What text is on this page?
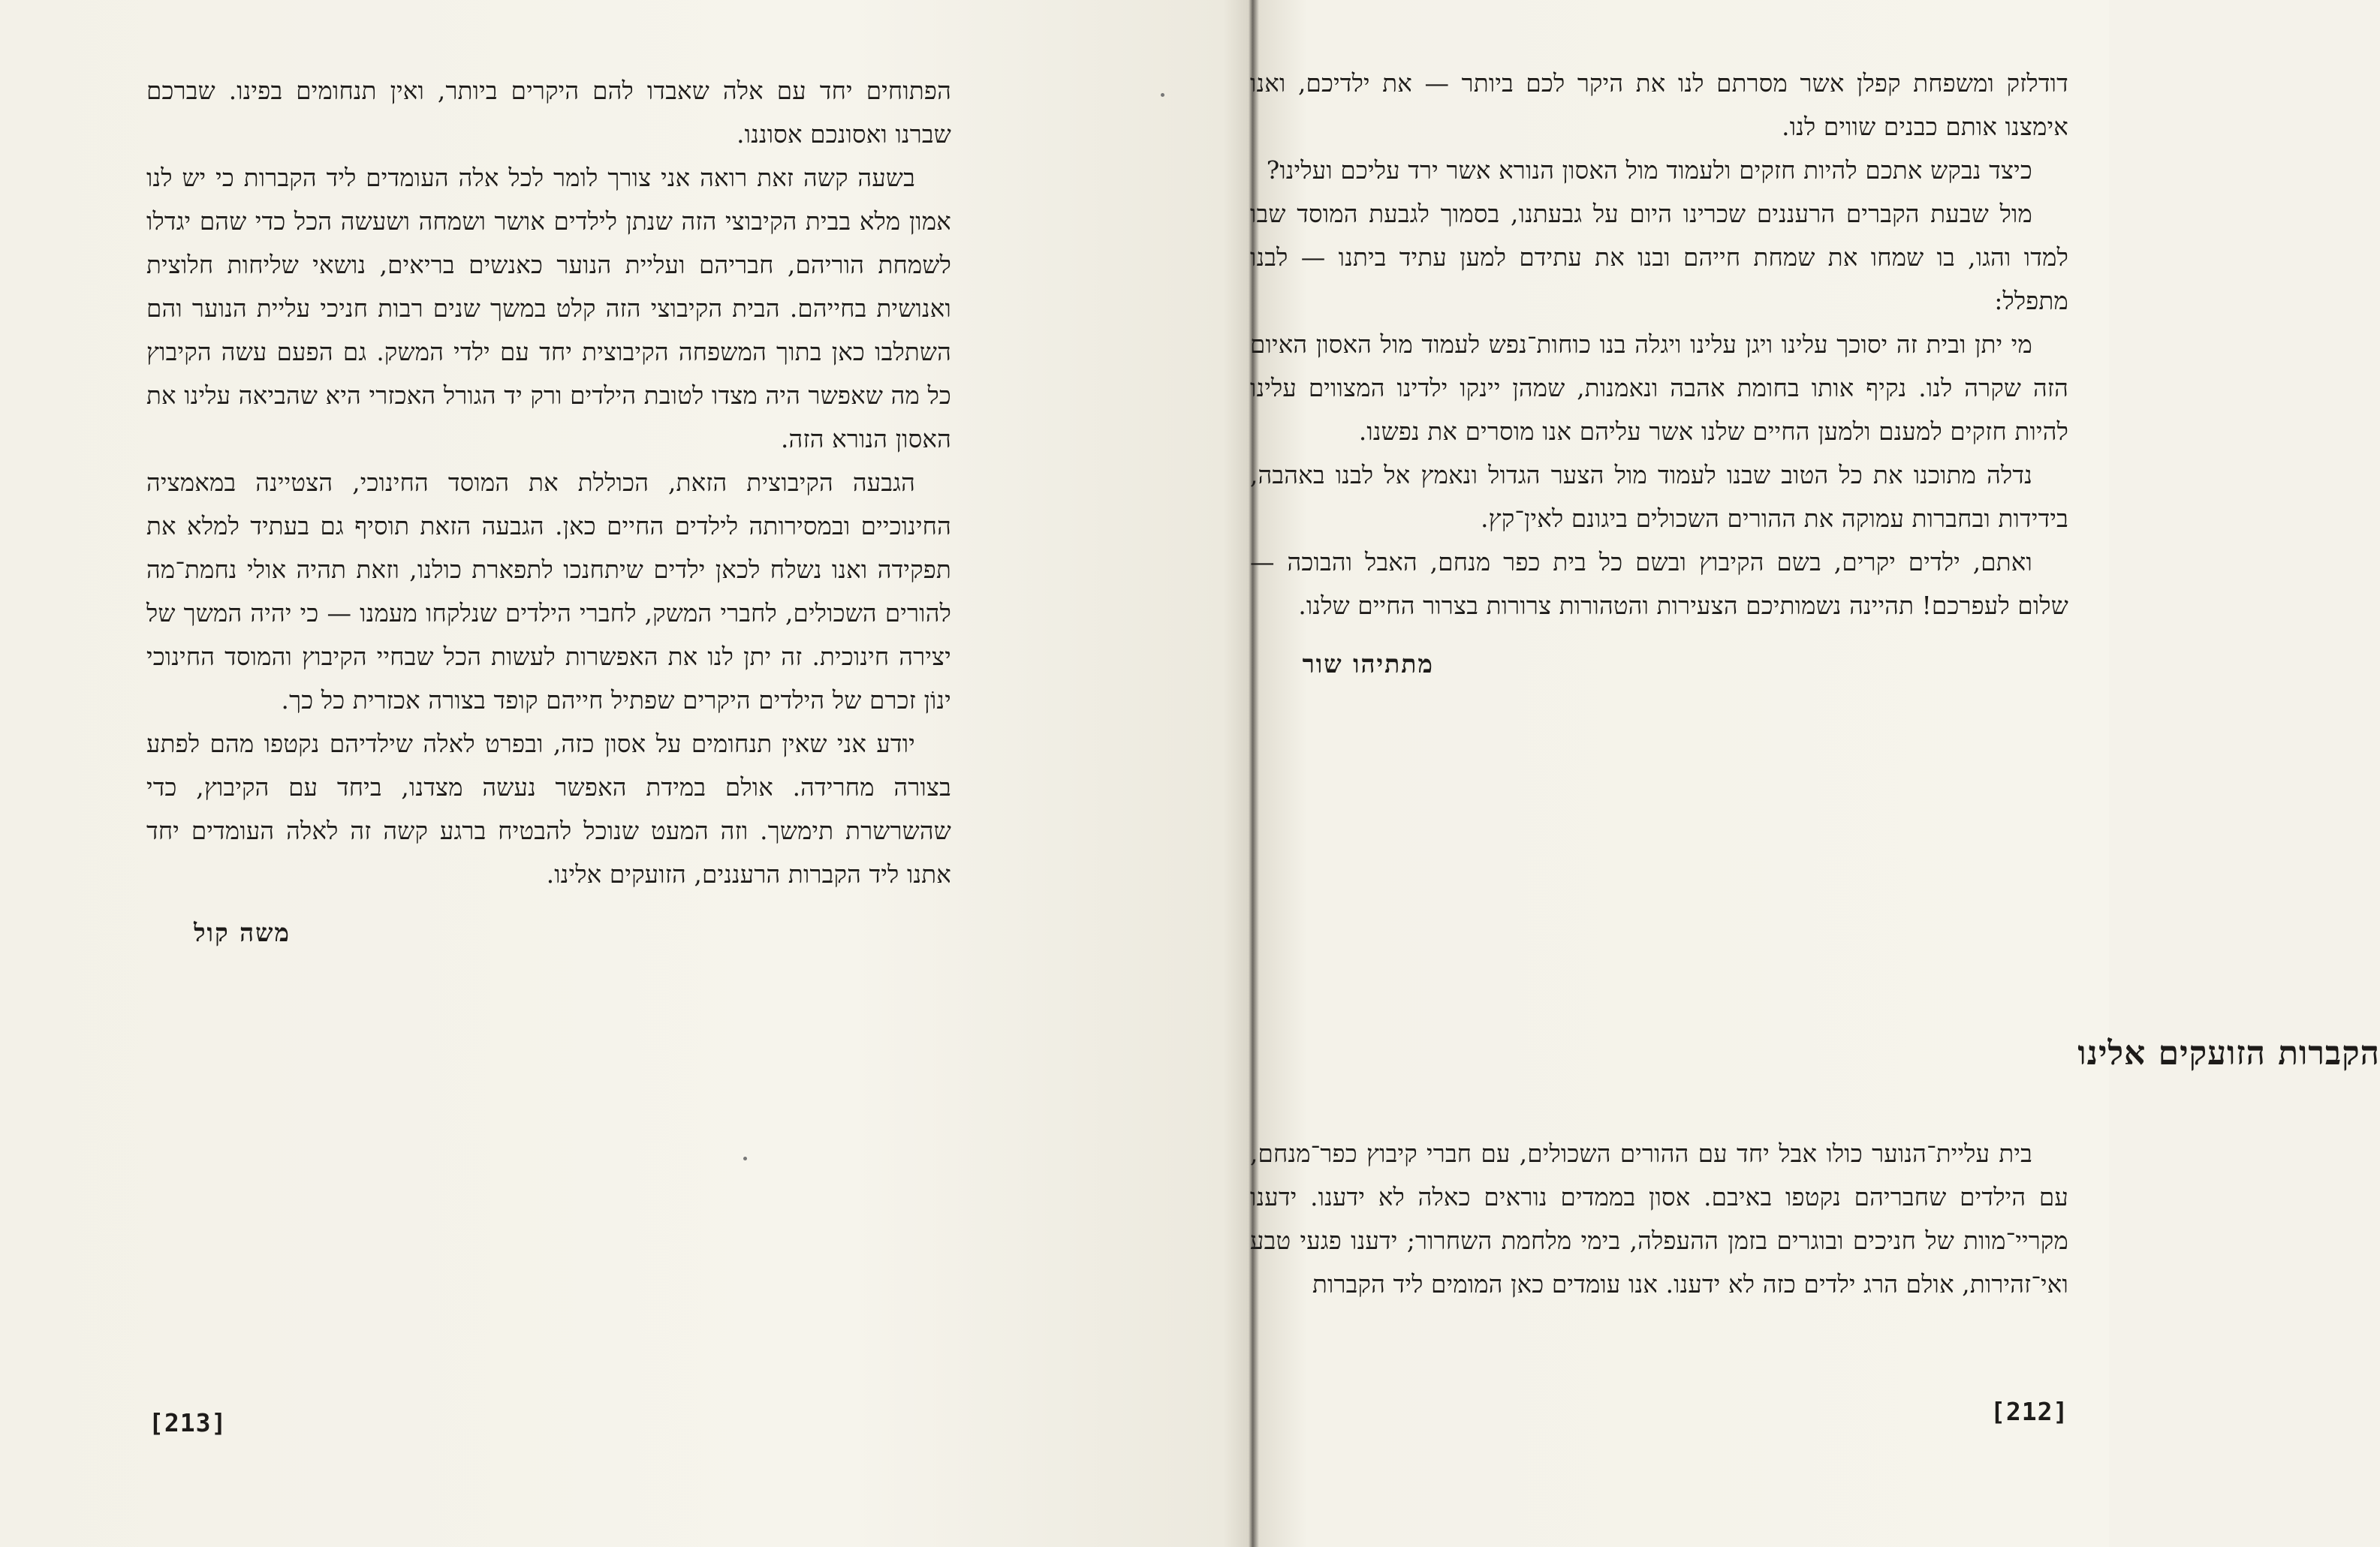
הפתוחים יחד עם אלה שאבדו להם היקרים ביותר, ואין תנחומים בפינו. שברכם שברנו ואסונכם אסוננו.

בשעה קשה זאת רואה אני צורך לומר לכל אלה העומדים ליד הקברות כי יש לנו אמון מלא בבית הקיבוצי הזה שנתן לילדים אושר ושמחה ושעשה הכל כדי שהם יגדלו לשמחת הוריהם, חבריהם ועליית הנוער כאנשים בריאים, נושאי שליחות חלוצית ואנושית בחייהם. הבית הקיבוצי הזה קלט במשך שנים רבות חניכי עליית הנוער והם השתלבו כאן בתוך המשפחה הקיבוצית יחד עם ילדי המשק. גם הפעם עשה הקיבוץ כל מה שאפשר היה מצדו לטובת הילדים ורק יד הגורל האכזרי היא שהביאה עלינו את האסון הנורא הזה.

הגבעה הקיבוצית הזאת, הכוללת את המוסד החינוכי, הצטיינה במאמציה החינוכיים ובמסירותה לילדים החיים כאן. הגבעה הזאת תוסיף גם בעתיד למלא את תפקידה ואנו נשלח לכאן ילדים שיתחנכו לתפארת כולנו, וזאת תהיה אולי נחמת־מה להורים השכולים, לחברי המשק, לחברי הילדים שנלקחו מעמנו — כי יהיה המשך של יצירה חינוכית. זה יתן לנו את האפשרות לעשות הכל שבחיי הקיבוץ והמוסד החינוכי ינוֹן זכרם של הילדים היקרים שפתיל חייהם קופד בצורה אכזרית כל כך.

יודע אני שאין תנחומים על אסון כזה, ובפרט לאלה שילדיהם נקטפו מהם לפתע בצורה מחרידה. אולם במידת האפשר נעשה מצדנו, ביחד עם הקיבוץ, כדי שהשרשרת תימשך. וזה המעט שנוכל להבטיח ברגע קשה זה לאלה העומדים יחד אתנו ליד הקברות הרעננים, הזועקים אלינו.

משה קול
[213]

דודלזק ומשפחת קפלן אשר מסרתם לנו את היקר לכם ביותר — את ילדיכם, ואנו אימצנו אותם כבנים שווים לנו.

כיצד נבקש אתכם להיות חזקים ולעמוד מול האסון הנורא אשר ירד עליכם ועלינו?

מול שבעת הקברים הרעננים שכרינו היום על גבעתנו, בסמוך לגבעת המוסד שבו למדו והגו, בו שמחו את שמחת חייהם ובנו את עתידם למען עתיד ביתנו — לבנו מתפלל:

מי יתן ובית זה יסוכך עלינו ויגן עלינו ויגלה בנו כוחות־נפש לעמוד מול האסון האיום הזה שקרה לנו. נקיף אותו בחומת אהבה ונאמנות, שמהן יינקו ילדינו המצווים עלינו להיות חזקים למענם ולמען החיים שלנו אשר עליהם אנו מוסרים את נפשנו.

נדלה מתוכנו את כל הטוב שבנו לעמוד מול הצער הגדול ונאמץ אל לבנו באהבה, בידידות ובחברות עמוקה את ההורים השכולים ביגונם לאין־קץ.

ואתם, ילדים יקרים, בשם הקיבוץ ובשם כל בית כפר מנחם, האבל והבוכה — שלום לעפרכם! תהיינה נשמותיכם הצעירות והטהורות צרורות בצרור החיים שלנו.

מתתיהו שור
הקברות הזועקים אלינו

בית עליית־הנוער כולו אבל יחד עם ההורים השכולים, עם חברי קיבוץ כפר־מנחם, עם הילדים שחבריהם נקטפו באיבם. אסון בממדים נוראים כאלה לא ידענו. ידענו מקריי־מוות של חניכים ובוגרים בזמן ההעפלה, בימי מלחמת השחרור; ידענו פגעי טבע ואי־זהירות, אולם הרג ילדים כזה לא ידענו. אנו עומדים כאן המומים ליד הקברות

[212]
